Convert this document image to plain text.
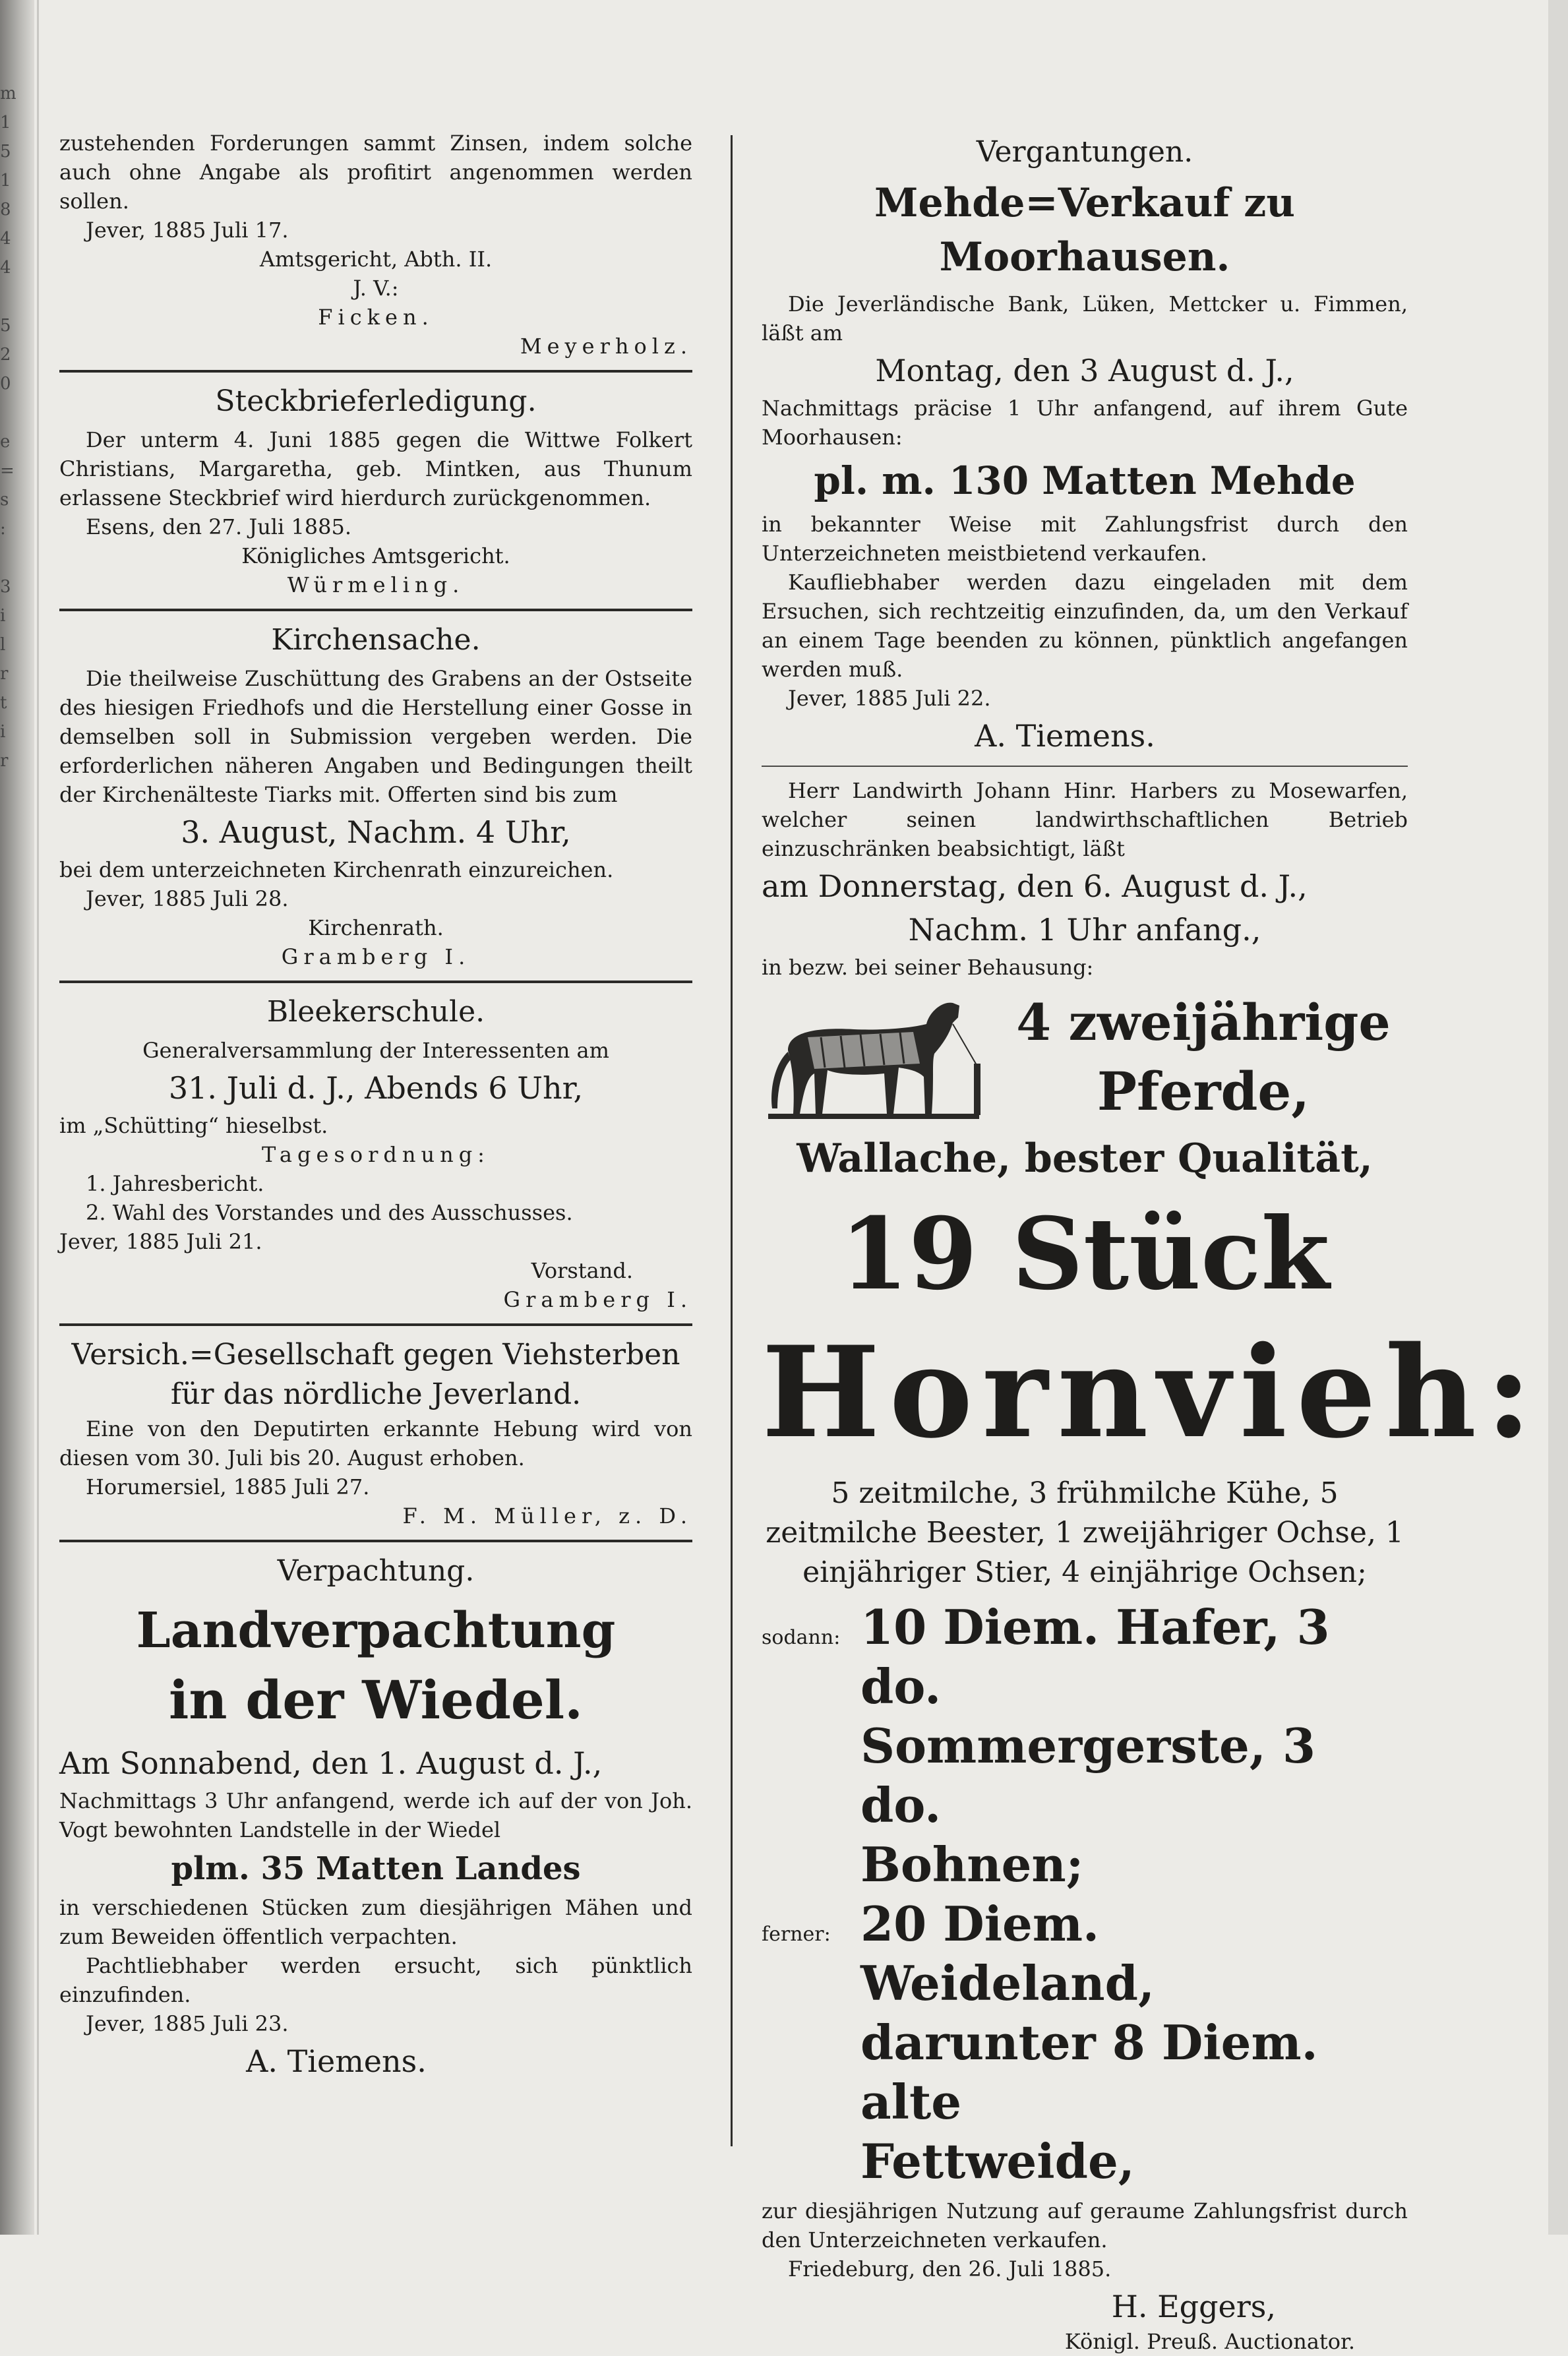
m
1
5
1
8
4
4

5
2
0

e
=
s
:

3
i
l
r
t
i
r

zustehenden Forderungen sammt Zinsen, indem solche auch ohne Angabe als profitirt angenommen werden sollen.

Jever, 1885 Juli 17.

Amtsgericht, Abth. II.

J. V.:

Ficken.

Meyerholz.

Steckbrieferledigung.

Der unterm 4. Juni 1885 gegen die Wittwe Folkert Christians, Margaretha, geb. Mintken, aus Thunum erlassene Steckbrief wird hierdurch zurückgenommen.

Esens, den 27. Juli 1885.

Königliches Amtsgericht.

Würmeling.

Kirchensache.

Die theilweise Zuschüttung des Grabens an der Ostseite des hiesigen Friedhofs und die Herstellung einer Gosse in demselben soll in Submission vergeben werden. Die erforderlichen näheren Angaben und Bedingungen theilt der Kirchenälteste Tiarks mit. Offerten sind bis zum

3. August, Nachm. 4 Uhr,

bei dem unterzeichneten Kirchenrath einzureichen.

Jever, 1885 Juli 28.

Kirchenrath.

Gramberg I.

Bleekerschule.

Generalversammlung der Interessenten am

31. Juli d. J., Abends 6 Uhr,

im „Schütting“ hieselbst.

Tagesordnung:

1. Jahresbericht.

2. Wahl des Vorstandes und des Ausschusses.

Jever, 1885 Juli 21.

Vorstand.

Gramberg I.

Versich.=Gesellschaft gegen Viehsterben
für das nördliche Jeverland.

Eine von den Deputirten erkannte Hebung wird von diesen vom 30. Juli bis 20. August erhoben.

Horumersiel, 1885 Juli 27.

F. M. Müller, z. D.

Verpachtung.

Landverpachtung

in der Wiedel.

Am Sonnabend, den 1. August d. J.,

Nachmittags 3 Uhr anfangend, werde ich auf der von Joh. Vogt bewohnten Landstelle in der Wiedel

plm. 35 Matten Landes

in verschiedenen Stücken zum diesjährigen Mähen und zum Beweiden öffentlich verpachten.

Pachtliebhaber werden ersucht, sich pünktlich einzufinden.

Jever, 1885 Juli 23.

A. Tiemens.

Vergantungen.

Mehde=Verkauf zu Moorhausen.

Die Jeverländische Bank, Lüken, Mettcker u. Fimmen, läßt am

Montag, den 3 August d. J.,

Nachmittags präcise 1 Uhr anfangend, auf ihrem Gute Moorhausen:

pl. m. 130 Matten Mehde

in bekannter Weise mit Zahlungsfrist durch den Unterzeichneten meistbietend verkaufen.

Kaufliebhaber werden dazu eingeladen mit dem Ersuchen, sich rechtzeitig einzufinden, da, um den Verkauf an einem Tage beenden zu können, pünktlich angefangen werden muß.

Jever, 1885 Juli 22.

A. Tiemens.

Herr Landwirth Johann Hinr. Harbers zu Mosewarfen, welcher seinen landwirthschaftlichen Betrieb einzuschränken beabsichtigt, läßt

am Donnerstag, den 6. August d. J.,

Nachm. 1 Uhr anfang.,

in bezw. bei seiner Behausung:

4 zweijährige
Pferde,

Wallache, bester Qualität,

19 Stück

Hornvieh:

5 zeitmilche, 3 frühmilche Kühe, 5 zeitmilche Beester, 1 zweijähriger Ochse, 1 einjähriger Stier, 4 einjährige Ochsen;

sodann: 10 Diem. Hafer, 3 do.
Sommergerste, 3 do.
Bohnen;
ferner: 20 Diem. Weideland,
darunter 8 Diem. alte
Fettweide,

zur diesjährigen Nutzung auf geraume Zahlungsfrist durch den Unterzeichneten verkaufen.

Friedeburg, den 26. Juli 1885.

H. Eggers,

Königl. Preuß. Auctionator.
